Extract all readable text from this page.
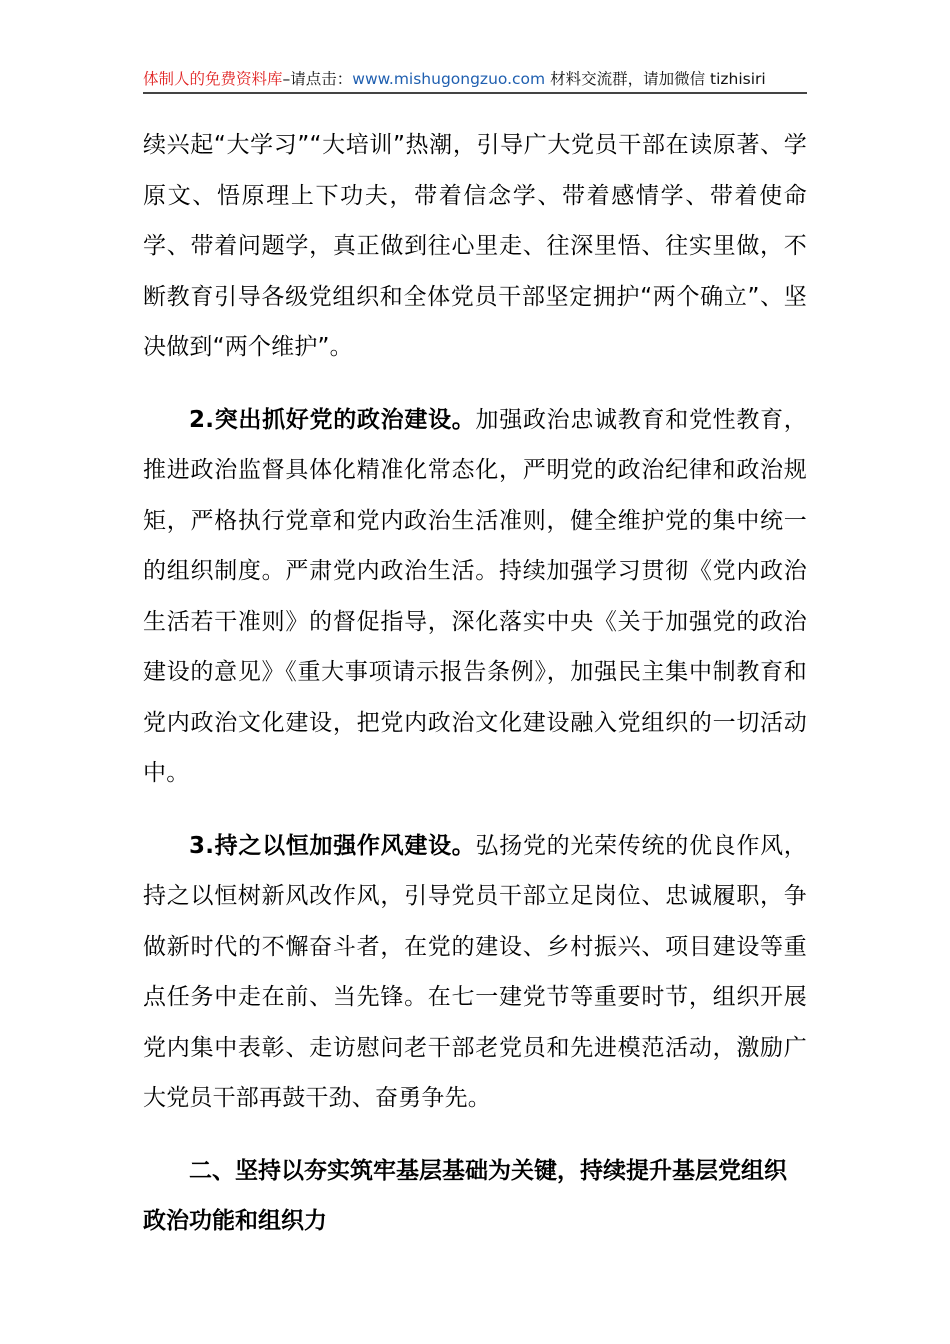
体制人的免费资料库–请点击：www.mishugongzuo.com 材料交流群，请加微信 tizhisiri

续兴起“大学习”“大培训”热潮，引导广大党员干部在读原著、学原文、悟原理上下功夫，带着信念学、带着感情学、带着使命学、带着问题学，真正做到往心里走、往深里悟、往实里做，不断教育引导各级党组织和全体党员干部坚定拥护“两个确立”、坚决做到“两个维护”。

2.突出抓好党的政治建设。加强政治忠诚教育和党性教育，推进政治监督具体化精准化常态化，严明党的政治纪律和政治规矩，严格执行党章和党内政治生活准则，健全维护党的集中统一的组织制度。严肃党内政治生活。持续加强学习贯彻《党内政治生活若干准则》的督促指导，深化落实中央《关于加强党的政治建设的意见》《重大事项请示报告条例》，加强民主集中制教育和党内政治文化建设，把党内政治文化建设融入党组织的一切活动中。

3.持之以恒加强作风建设。弘扬党的光荣传统的优良作风，持之以恒树新风改作风，引导党员干部立足岗位、忠诚履职，争做新时代的不懈奋斗者，在党的建设、乡村振兴、项目建设等重点任务中走在前、当先锋。在七一建党节等重要时节，组织开展党内集中表彰、走访慰问老干部老党员和先进模范活动，激励广大党员干部再鼓干劲、奋勇争先。

二、坚持以夯实筑牢基层基础为关键，持续提升基层党组织政治功能和组织力
